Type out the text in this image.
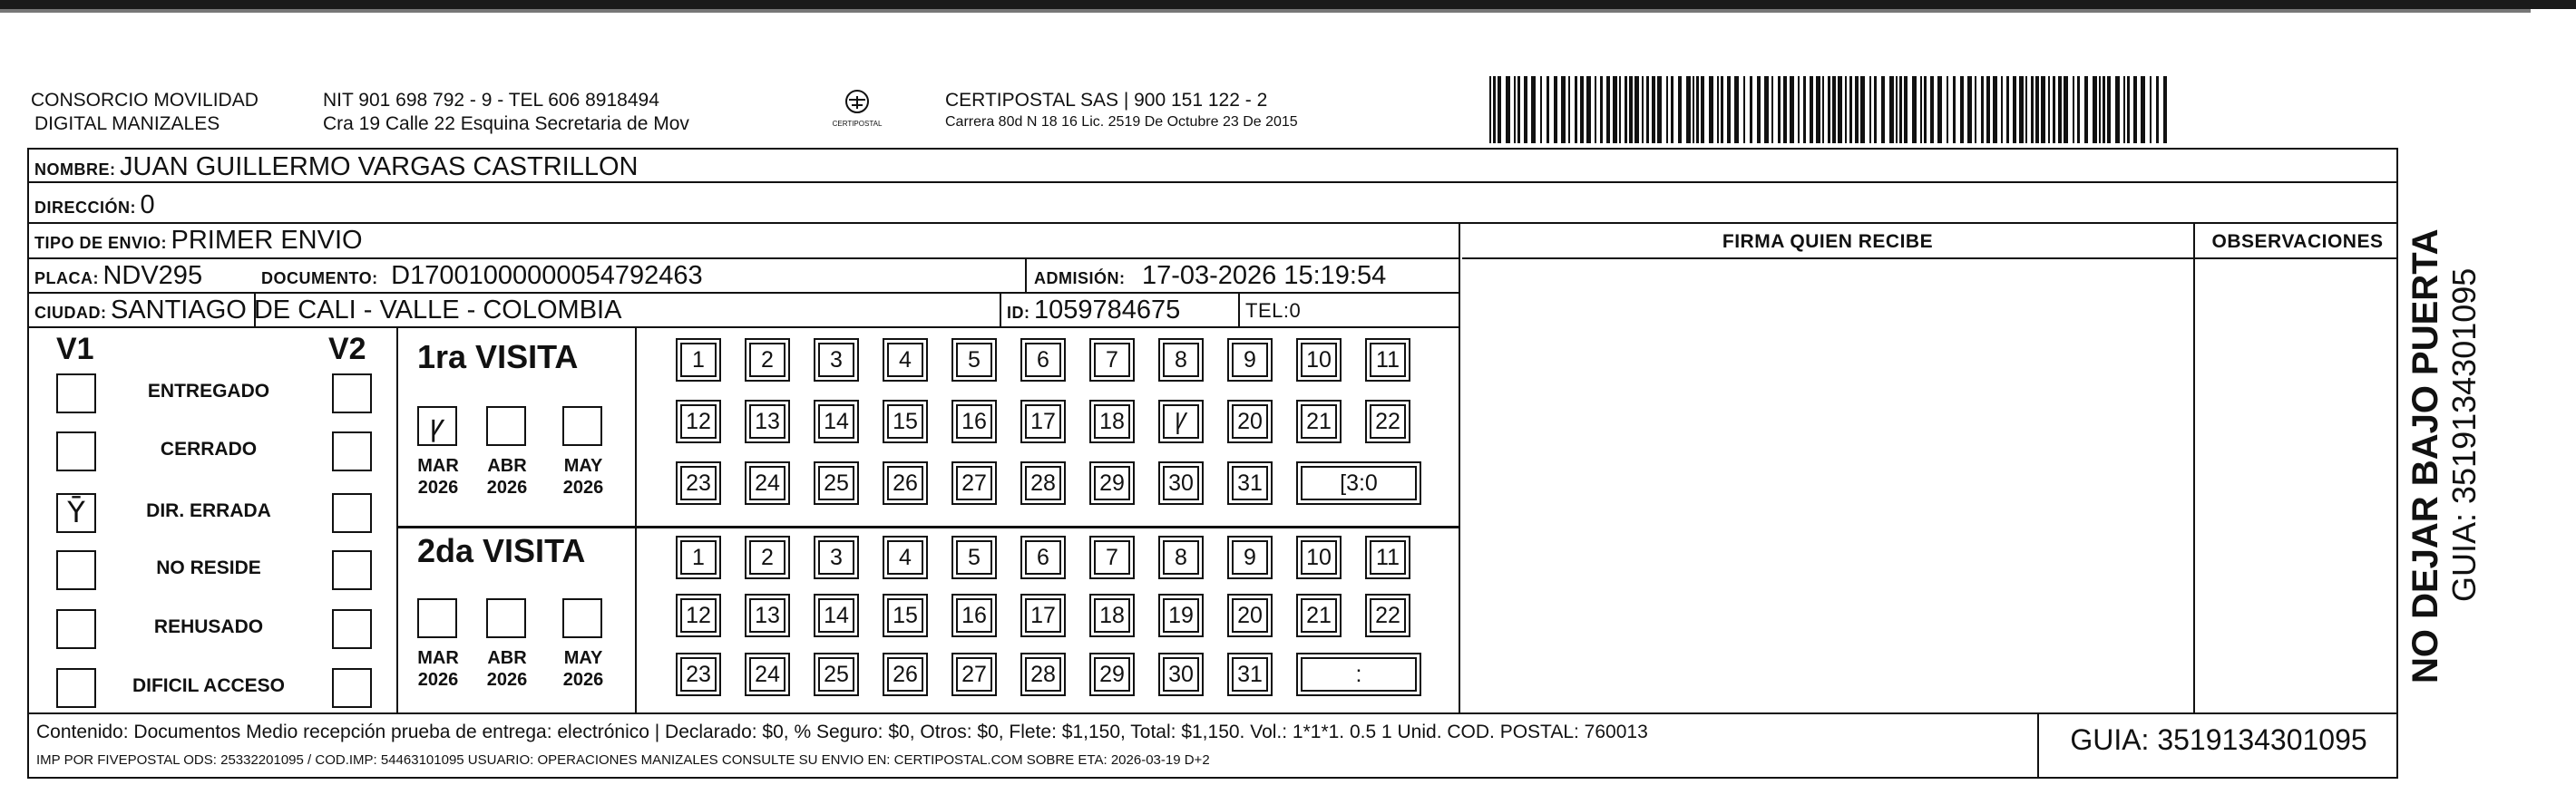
CONSORCIO MOVILIDAD
DIGITAL MANIZALES
NIT 901 698 792 - 9 - TEL 606 8918494
Cra 19 Calle 22 Esquina Secretaria de Mov	CERTIPOSTAL
CERTIPOSTAL SAS | 900 151 122 - 2
Carrera 80d N 18 16 Lic. 2519 De Octubre 23 De 2015
NOMBRE: JUAN GUILLERMO VARGAS CASTRILLON
DIRECCIÓN: 0
TIPO DE ENVIO: PRIMER ENVIO
PLACA: NDV295	DOCUMENTO: D17001000000054792463	ADMISIÓN: 17-03-2026 15:19:54
CIUDAD: SANTIAGO DE CALI - VALLE - COLOMBIA	ID: 1059784675	TEL:0
FIRMA QUIEN RECIBE	OBSERVACIONES
V1	V2 1ra VISITA
2da VISITA
ꝩ
MAR
2026
ABR
2026
MAY
2026
1	2	3	4	5	6	7	8	9	10 11
12 13 14 15 16 17 18	Ꝩ	20 21 22
23 24 25 26 27 28 29 30 31	[3:0
MAR
2026
ABR
2026
MAY
2026
1	2	3	4	5	6	7	8	9	10 11
12 13 14 15 16 17 18 19 20 21 22
23 24 25 26 27 28 29 30 31	:
Contenido: Documentos Medio recepción prueba de entrega: electrónico | Declarado: $0, % Seguro: $0, Otros: $0, Flete: $1,150, Total: $1,150. Vol.: 1*1*1. 0.5 1 Unid. COD. POSTAL: 760013
IMP POR FIVEPOSTAL ODS: 25332201095 / COD.IMP: 54463101095 USUARIO: OPERACIONES MANIZALES CONSULTE SU ENVIO EN: CERTIPOSTAL.COM SOBRE ETA: 2026-03-19 D+2
GUIA: 3519134301095
NO DEJAR BAJO PUERTA GUIA: 3519134301095
ENTREGADO
CERRADO
Ȳ	DIR. ERRADA
NO RESIDE
REHUSADO
DIFICIL ACCESO
